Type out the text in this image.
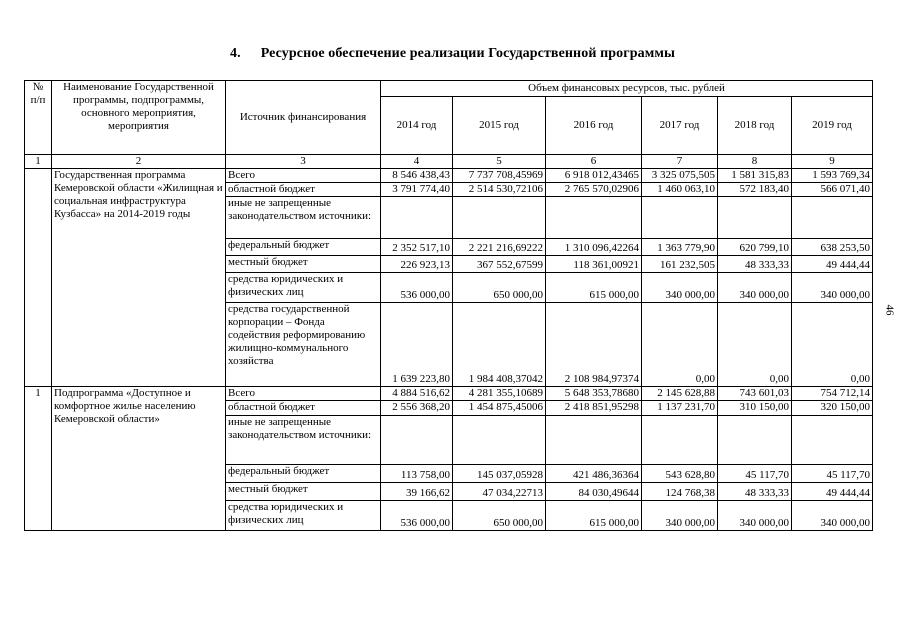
4. Ресурсное обеспечение реализации Государственной программы
46
№ п/п	Наименование Государственной программы, подпрограммы, основного мероприятия, мероприятия	Источник финансирования	Объем финансовых ресурсов, тыс. рублей					
			2014 год	2015 год	2016 год	2017 год	2018 год	2019 год
1	2	3	4	5	6	7	8	9
	Государственная программа Кемеровской области «Жилищная и социальная инфраструктура Кузбасса» на 2014-2019 годы	Всего	8 546 438,43	7 737 708,45969	6 918 012,43465	3 325 075,505	1 581 315,83	1 593 769,34
		областной бюджет	3 791 774,40	2 514 530,72106	2 765 570,02906	1 460 063,10	572 183,40	566 071,40
		иные не запрещенные законодательством источники:						
		федеральный бюджет	2 352 517,10	2 221 216,69222	1 310 096,42264	1 363 779,90	620 799,10	638 253,50
		местный бюджет	226 923,13	367 552,67599	118 361,00921	161 232,505	48 333,33	49 444,44
		средства юридических и физических лиц	536 000,00	650 000,00	615 000,00	340 000,00	340 000,00	340 000,00
		средства государственной корпорации – Фонда содействия реформированию жилищно-коммунального хозяйства	1 639 223,80	1 984 408,37042	2 108 984,97374	0,00	0,00	0,00
1	Подпрограмма «Доступное и комфортное жилье населению Кемеровской области»	Всего	4 884 516,62	4 281 355,10689	5 648 353,78680	2 145 628,88	743 601,03	754 712,14
		областной бюджет	2 556 368,20	1 454 875,45006	2 418 851,95298	1 137 231,70	310 150,00	320 150,00
		иные не запрещенные законодательством источники:						
		федеральный бюджет	113 758,00	145 037,05928	421 486,36364	543 628,80	45 117,70	45 117,70
		местный бюджет	39 166,62	47 034,22713	84 030,49644	124 768,38	48 333,33	49 444,44
		средства юридических и физических лиц	536 000,00	650 000,00	615 000,00	340 000,00	340 000,00	340 000,00
